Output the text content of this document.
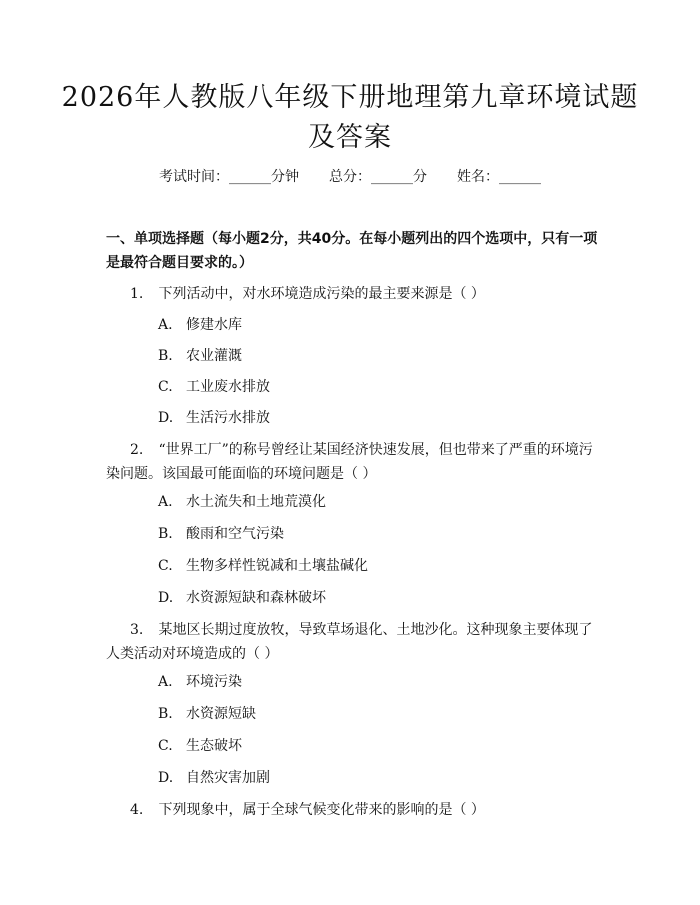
2026年人教版八年级下册地理第九章环境试题及答案
考试时间：______分钟 总分：______分 姓名：______
一、单项选择题（每小题2分，共40分。在每小题列出的四个选项中，只有一项是最符合题目要求的。）
1. 下列活动中，对水环境造成污染的最主要来源是（ ）
A. 修建水库
B. 农业灌溉
C. 工业废水排放
D. 生活污水排放
2. “世界工厂”的称号曾经让某国经济快速发展，但也带来了严重的环境污染问题。该国最可能面临的环境问题是（ ）
A. 水土流失和土地荒漠化
B. 酸雨和空气污染
C. 生物多样性锐减和土壤盐碱化
D. 水资源短缺和森林破坏
3. 某地区长期过度放牧，导致草场退化、土地沙化。这种现象主要体现了人类活动对环境造成的（ ）
A. 环境污染
B. 水资源短缺
C. 生态破坏
D. 自然灾害加剧
4. 下列现象中，属于全球气候变化带来的影响的是（ ）
